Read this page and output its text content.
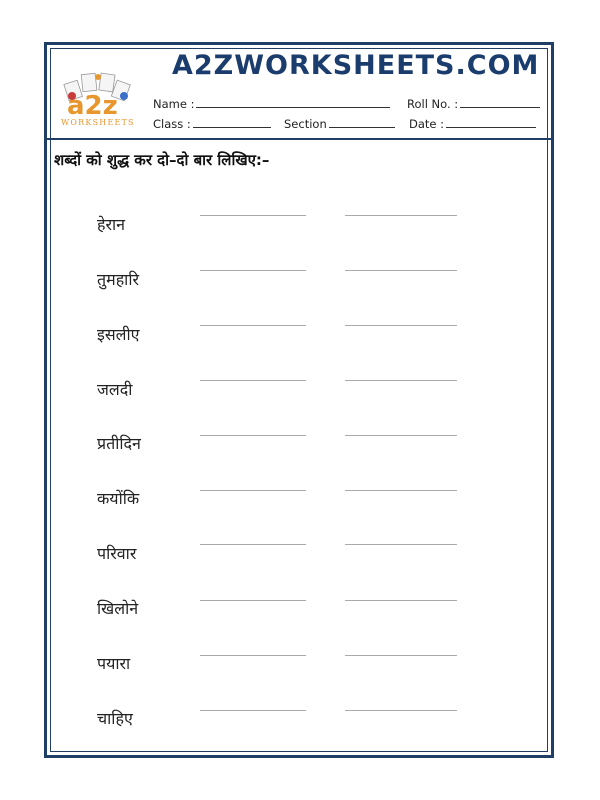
a2z
WORKSHEETS
A2ZWORKSHEETS.COM
Name :	Roll No. :
Class :	Section	Date :
शब्दों को शुद्ध कर दो–दो बार लिखिए:–
हेरान
तुमहारि
इसलीए
जलदी
प्रतीदिन
कयोंकि
परिवार
खिलोने
पयारा
चाहिए
